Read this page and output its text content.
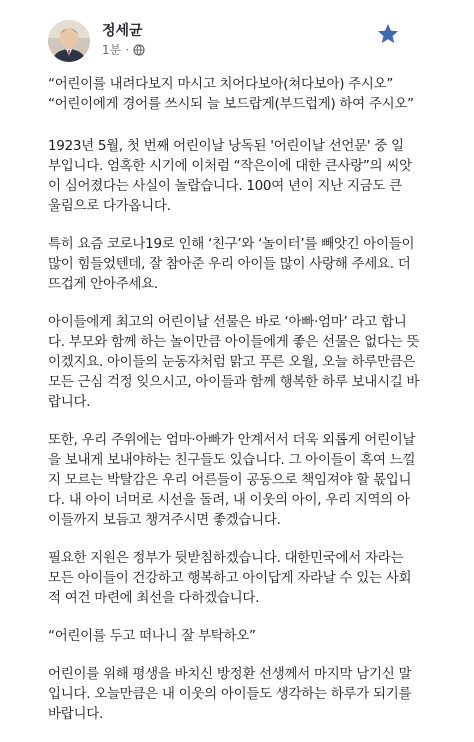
정세균
1분 ·

“어린이를 내려다보지 마시고 치어다보아(쳐다보아) 주시오”
“어린이에게 경어를 쓰시되 늘 보드랍게(부드럽게) 하여 주시오”

1923년 5월, 첫 번째 어린이날 낭독된 '어린이날 선언문' 중 일
부입니다. 엄혹한 시기에 이처럼 “작은이에 대한 큰사랑”의 씨앗
이 심어졌다는 사실이 놀랍습니다. 100여 년이 지난 지금도 큰
울림으로 다가옵니다.

특히 요즘 코로나19로 인해 ‘친구’와 ‘놀이터’를 빼앗긴 아이들이
많이 힘들었텐데, 잘 참아준 우리 아이들 많이 사랑해 주세요. 더
뜨겁게 안아주세요.

아이들에게 최고의 어린이날 선물은 바로 ‘아빠·엄마’ 라고 합니
다. 부모와 함께 하는 놀이만큼 아이들에게 좋은 선물은 없다는 뜻
이겠지요. 아이들의 눈동자처럼 맑고 푸른 오월, 오늘 하루만큼은
모든 근심 걱정 잊으시고, 아이들과 함께 행복한 하루 보내시길 바
랍니다.

또한, 우리 주위에는 엄마·아빠가 안계서서 더욱 외롭게 어린이날
을 보내게 보내야하는 친구들도 있습니다. 그 아이들이 혹여 느낄
지 모르는 박탈감은 우리 어른들이 공동으로 책임져야 할 몫입니
다. 내 아이 너머로 시선을 돌려, 내 이웃의 아이, 우리 지역의 아
이들까지 보듬고 챙겨주시면 좋겠습니다.

필요한 지원은 정부가 뒷받침하겠습니다. 대한민국에서 자라는
모든 아이들이 건강하고 행복하고 아이답게 자라날 수 있는 사회
적 여건 마련에 최선을 다하겠습니다.

“어린이를 두고 떠나니 잘 부탁하오”

어린이를 위해 평생을 바치신 방정환 선생께서 마지막 남기신 말
입니다. 오늘만큼은 내 이웃의 아이들도 생각하는 하루가 되기를
바랍니다.
